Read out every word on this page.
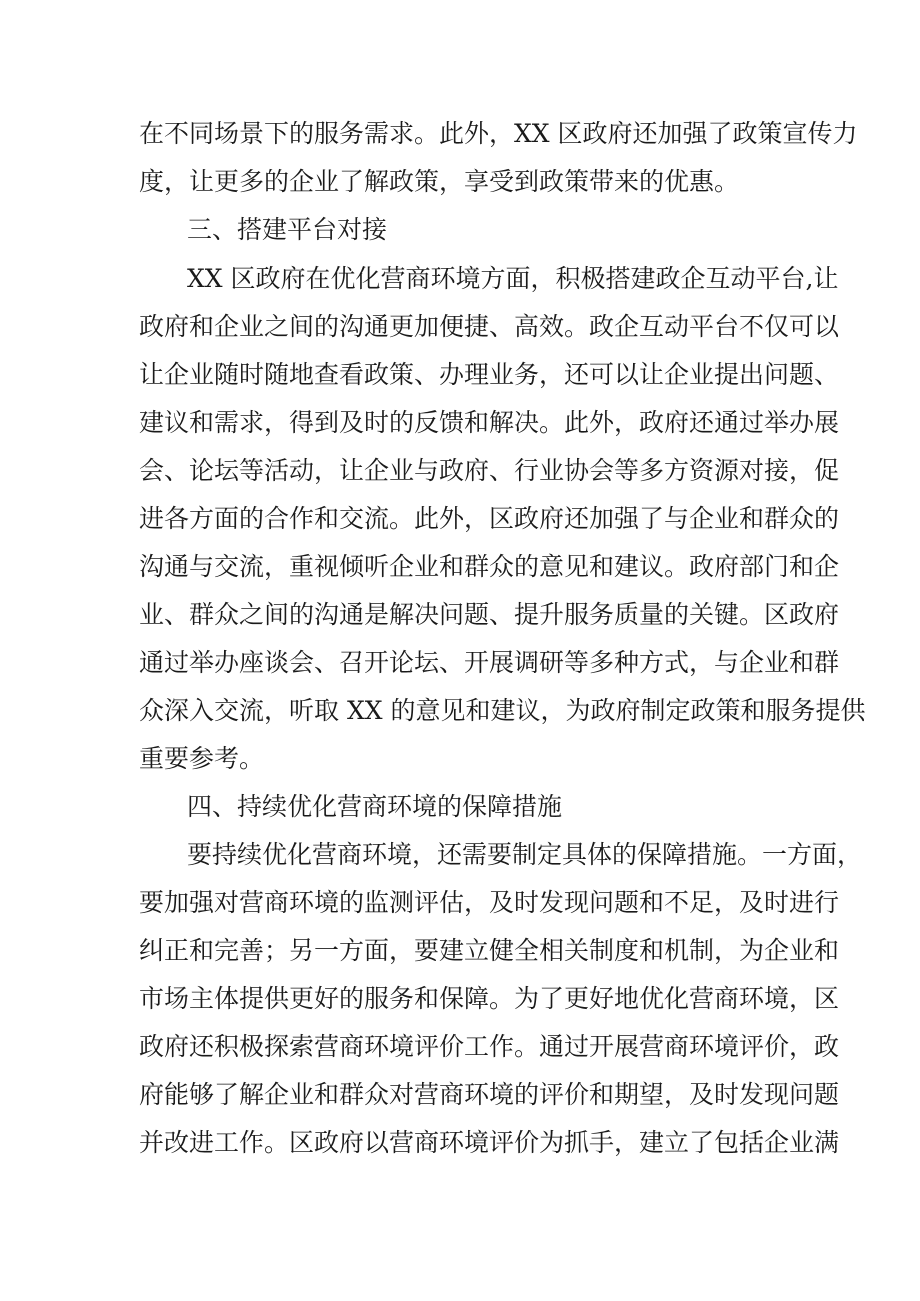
在不同场景下的服务需求。此外，XX 区政府还加强了政策宣传力
度，让更多的企业了解政策，享受到政策带来的优惠。
三、搭建平台对接
XX 区政府在优化营商环境方面，积极搭建政企互动平台,让
政府和企业之间的沟通更加便捷、高效。政企互动平台不仅可以
让企业随时随地查看政策、办理业务，还可以让企业提出问题、
建议和需求，得到及时的反馈和解决。此外，政府还通过举办展
会、论坛等活动，让企业与政府、行业协会等多方资源对接，促
进各方面的合作和交流。此外，区政府还加强了与企业和群众的
沟通与交流，重视倾听企业和群众的意见和建议。政府部门和企
业、群众之间的沟通是解决问题、提升服务质量的关键。区政府
通过举办座谈会、召开论坛、开展调研等多种方式，与企业和群
众深入交流，听取 XX 的意见和建议，为政府制定政策和服务提供
重要参考。
四、持续优化营商环境的保障措施
要持续优化营商环境，还需要制定具体的保障措施。一方面，
要加强对营商环境的监测评估，及时发现问题和不足，及时进行
纠正和完善；另一方面，要建立健全相关制度和机制，为企业和
市场主体提供更好的服务和保障。为了更好地优化营商环境，区
政府还积极探索营商环境评价工作。通过开展营商环境评价，政
府能够了解企业和群众对营商环境的评价和期望，及时发现问题
并改进工作。区政府以营商环境评价为抓手，建立了包括企业满
